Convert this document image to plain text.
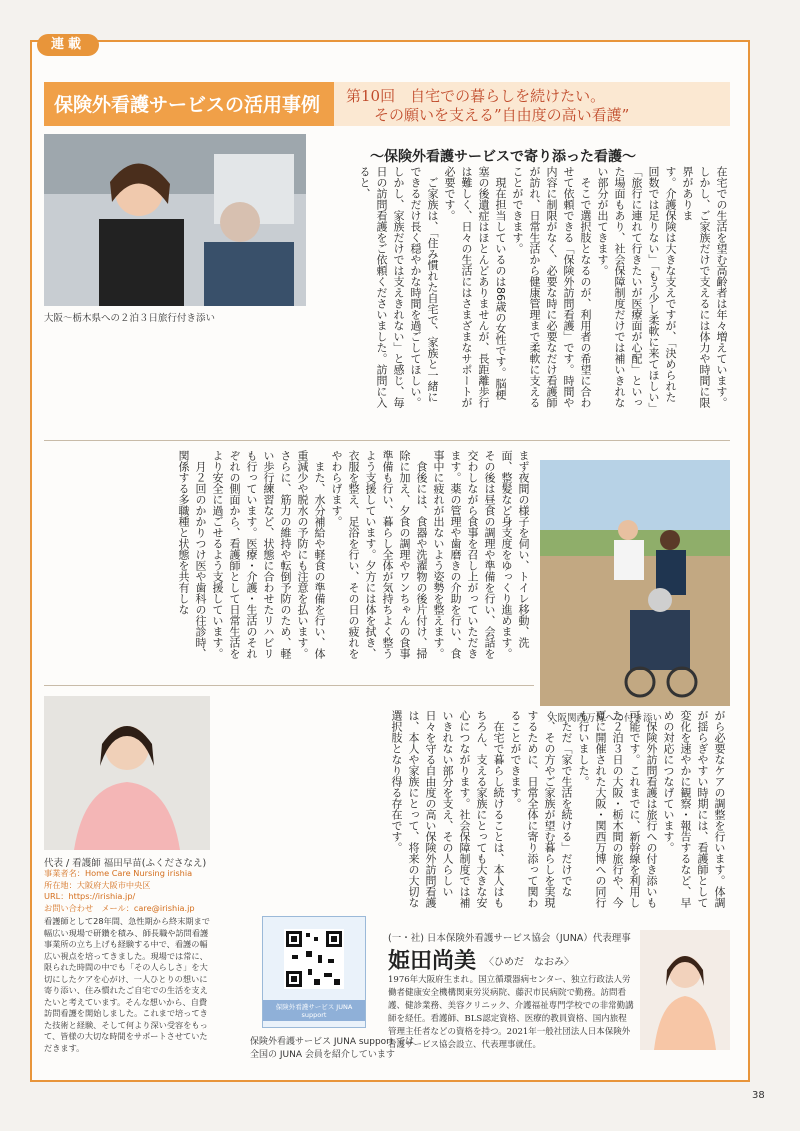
連載
保険外看護サービスの活用事例 第10回　自宅での暮らしを続けたい。
その願いを支える”自由度の高い看護”
〜保険外看護サービスで寄り添った看護〜
大阪〜栃木県への２泊３日旅行付き添い	在宅での生活を望む高齢者は年々増えています。しかし、ご家族だけで支えるには体力や時間に限界がありま

す。介護保険は大きな支えですが、「決められた回数では足りない」「もう少し柔軟に来てほしい」「旅行に連れて行きたいが医療面が心配」といった場面もあり、社会保障制度だけでは補いきれない部分が出てきます。

そこで選択肢となるのが、利用者の希望に合わせて依頼できる「保険外訪問看護」です。時間や内容に制限がなく、必要な時に必要なだけ看護師が訪れ、日常生活から健康管理まで柔軟に支えることができます。

現在担当しているのは86歳の女性です。脳梗塞の後遺症はほとんどありませんが、長距離歩行は難しく、日々の生活にはさまざまなサポートが必要です。

ご家族は、「住み慣れた自宅で、家族と一緒にできるだけ長く穏やかな時間を過ごしてほしい。しかし、家族だけでは支えきれない」と感じ、毎日の訪問看護をご依頼くださいました。訪問に入ると、

まず夜間の様子を伺い、トイレ移動、洗面、整髪など身支度をゆっくり進めます。その後は昼食の調理や準備を行い、会話を交わしながら食事を召し上がっていただきます。薬の管理や歯磨きの介助を行い、食事中に疲れが出ないよう姿勢を整えます。

食後には、食器や洗濯物の後片付け、掃除に加え、夕食の調理やワンちゃんの食事準備も行い、暮らし全体が気持ちよく整うよう支援しています。夕方には体を拭き、衣服を整え、足浴を行い、その日の疲れをやわらげます。

また、水分補給や軽食の準備を行い、体重減少や脱水の予防にも注意を払います。さらに、筋力の維持や転倒予防のため、軽い歩行練習など、状態に合わせたリハビリも行っています。医療・介護・生活のそれぞれの側面から、看護師として日常生活をより安全に過ごせるよう支援しています。

月２回のかかりつけ医や歯科の往診時、関係する多職種と状態を共有しな

大阪関西万博への付き添い
代表 / 看護師 福田早苗(ふくださなえ)
事業者名：Home Care Nursing irishia
所在地：大阪府大阪市中央区
URL：https://irishia.jp/
お問い合わせ　メール：care@irishia.jp
看護師として28年間、急性期から終末期まで幅広い現場で研鑽を積み、師長職や訪問看護事業所の立ち上げも経験する中で、看護の幅広い視点を培ってきました。現場では常に、限られた時間の中でも「その人らしさ」を大切にしたケアを心がけ、一人ひとりの想いに寄り添い、住み慣れたご自宅での生活を支えたいと考えています。そんな想いから、自費訪問看護を開始しました。これまで培ってきた技術と経験、そして何より深い受容をもって、皆様の大切な時間をサポートさせていただきます。

がら必要なケアの調整を行います。体調が揺らぎやすい時期には、看護師として変化を速やかに観察・報告するなど、早めの対応につなげています。

保険外訪問看護は旅行への付き添いも可能です。これまでに、新幹線を利用した２泊３日の大阪・栃木間の旅行や、今夏に開催された大阪・関西万博への同行も行いました。

ただ「家で生活を続ける」だけでなく、その方やご家族が望む暮らしを実現するために、日常全体に寄り添って関わることができます。

在宅で暮らし続けることは、本人はもちろん、支える家族にとっても大きな安心につながります。社会保障制度では補いきれない部分を支え、その人らしい日々を守る自由度の高い保険外訪問看護は、本人や家族にとって、将来の大切な選択肢となり得る存在です。

保険外看護サービス JUNA support
保険外看護サービス JUNA support では
全国の JUNA 会員を紹介しています
(一・社) 日本保険外看護サービス協会（JUNA）代表理事
姫田尚美 〈ひめだ　なおみ〉
1976年大阪府生まれ。国立循環器病センター、独立行政法人労働者健康安全機構関東労災病院、藤沢市民病院で勤務。訪問看護、健診業務、美容クリニック、介護福祉専門学校での非常勤講師を経任。看護師、BLS認定資格、医療的教員資格、国内旅程管理主任者などの資格を持つ。2021年一般社団法人日本保険外看護サービス協会設立、代表理事就任。
38
